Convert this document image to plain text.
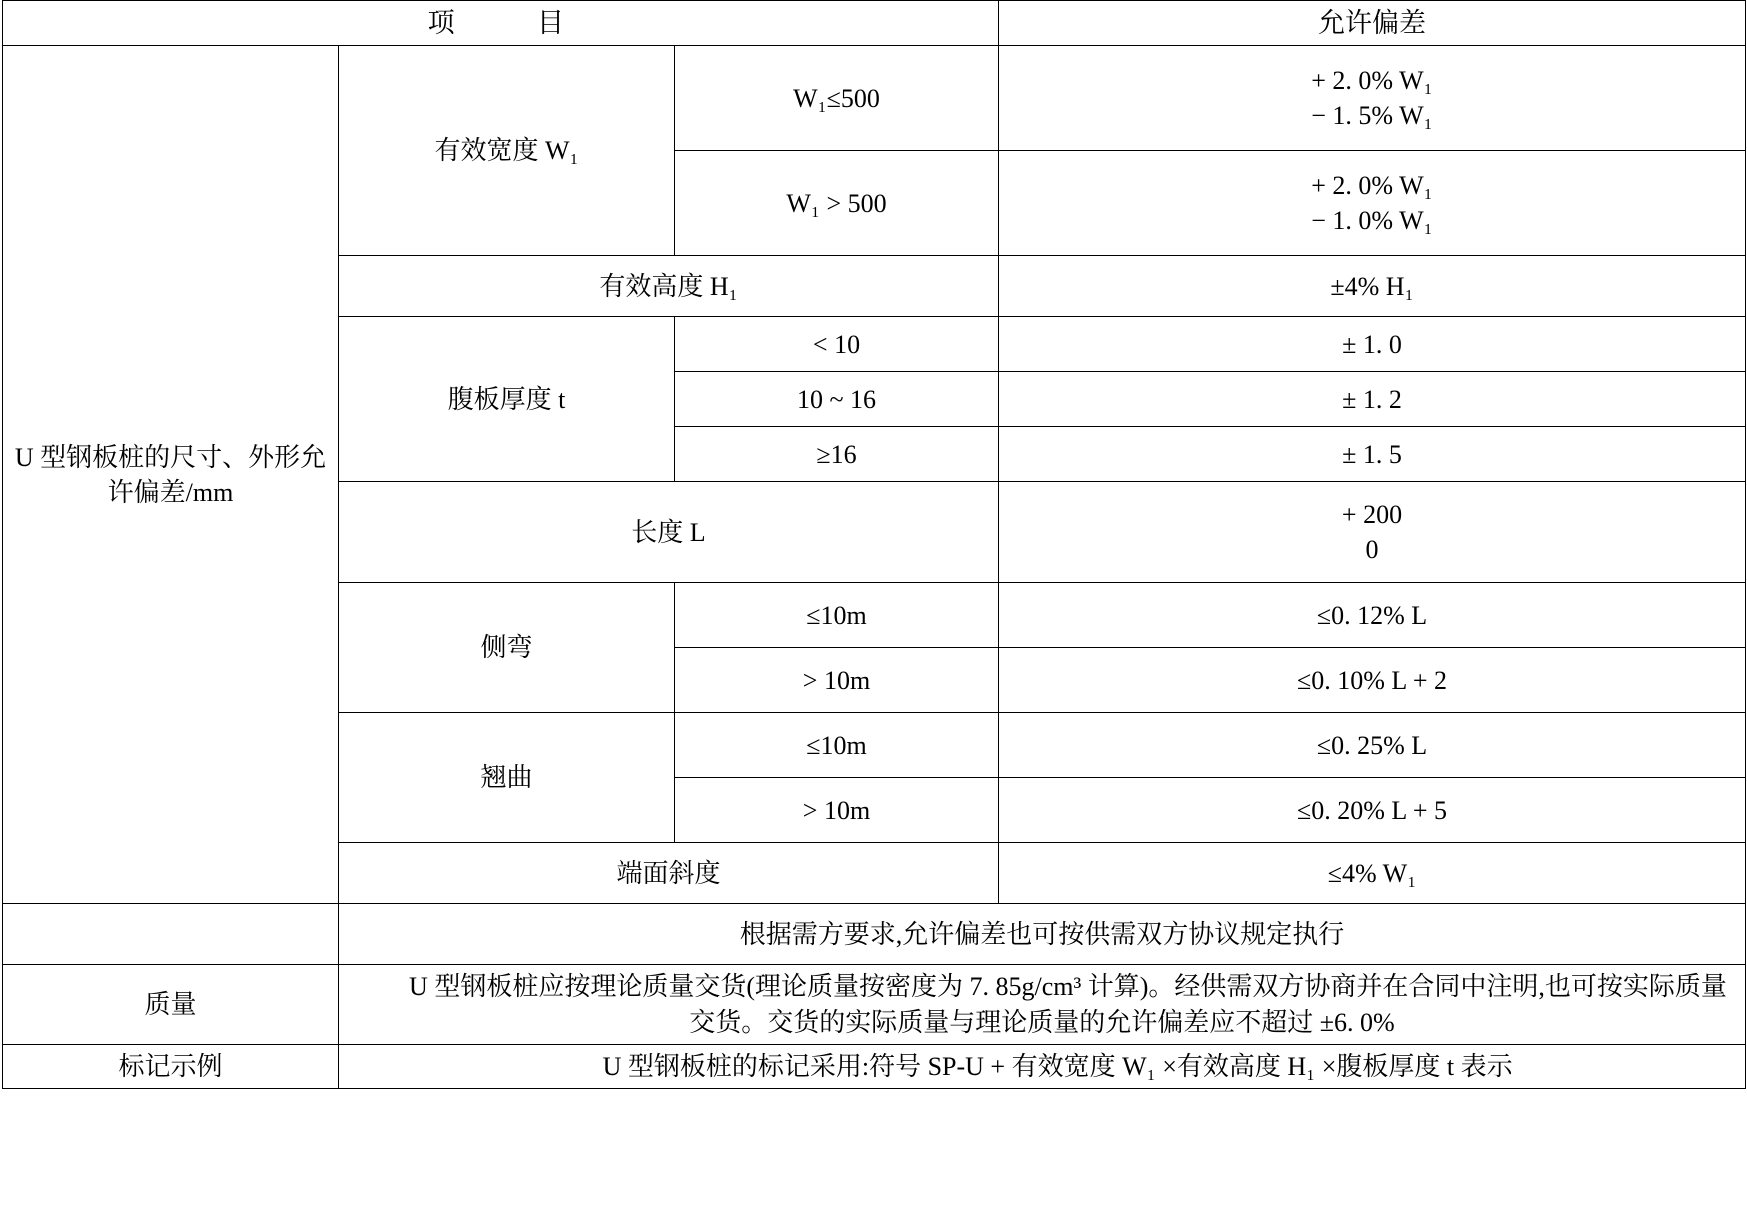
项　　目			允许偏差
U 型钢板桩的尺寸、外形允许偏差/mm	有效宽度 W₁	W₁≤500	+ 2. 0% W₁
− 1. 5% W₁

		W₁ > 500	+ 2. 0% W₁
− 1. 0% W₁

	有效高度 H₁		±4% H₁
	腹板厚度 t	< 10	± 1. 0
		10 ~ 16	± 1. 2
		≥16	± 1. 5
	长度 L		+ 200
0

	侧弯	≤10m	≤0. 12% L
		> 10m	≤0. 10% L + 2
	翘曲	≤10m	≤0. 25% L
		> 10m	≤0. 20% L + 5
	端面斜度		≤4% W₁
	根据需方要求,允许偏差也可按供需双方协议规定执行		
质量	U 型钢板桩应按理论质量交货(理论质量按密度为 7. 85g/cm³ 计算)。经供需双方协商并在合同中注明,也可按实际质量交货。交货的实际质量与理论质量的允许偏差应不超过 ±6. 0%		
标记示例	U 型钢板桩的标记采用:符号 SP-U + 有效宽度 W₁ ×有效高度 H₁ ×腹板厚度 t 表示		
